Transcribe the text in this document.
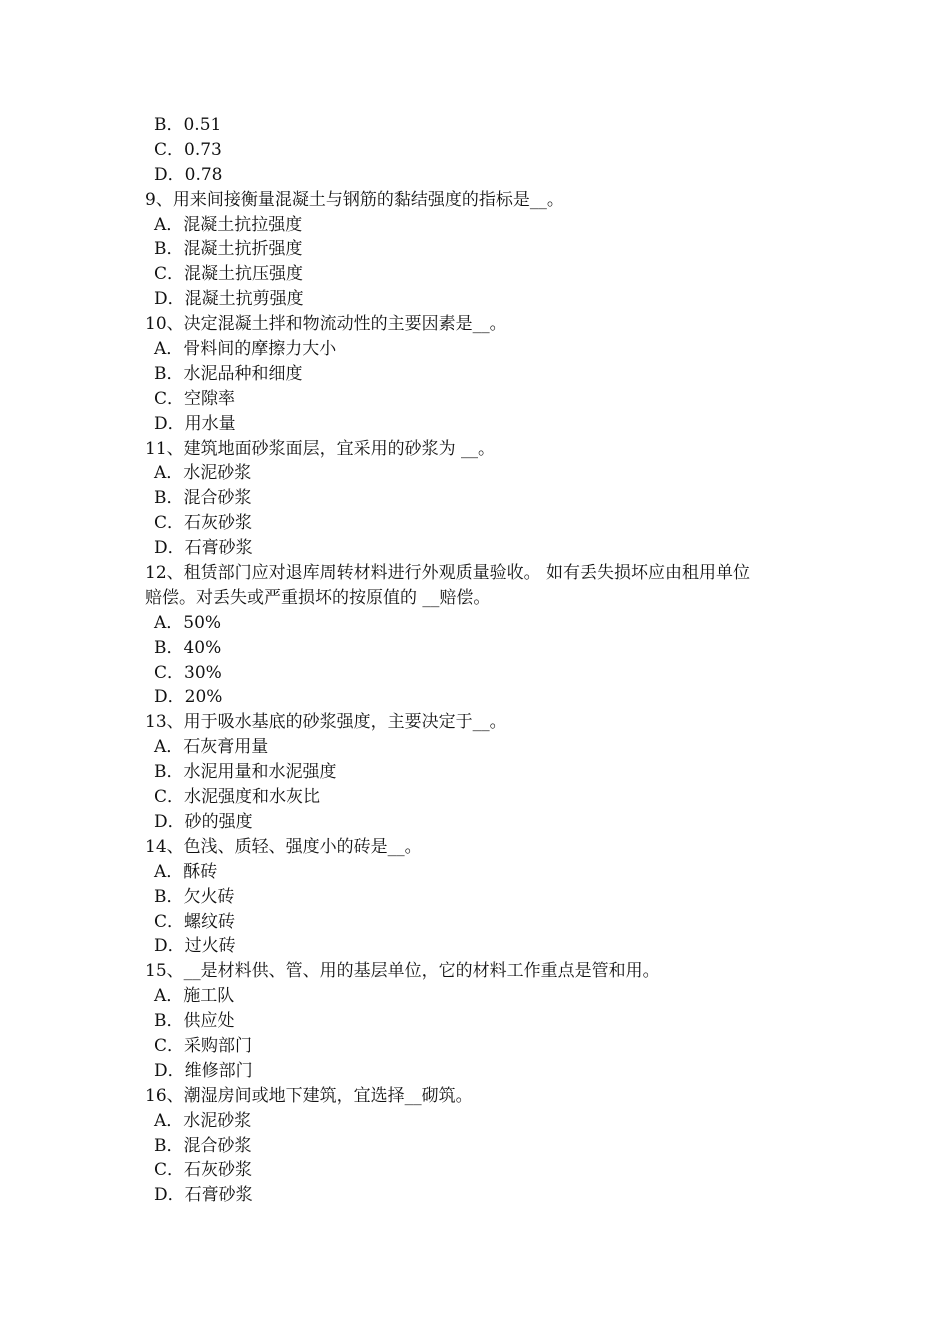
B．0.51
C．0.73
D．0.78
9、用来间接衡量混凝土与钢筋的黏结强度的指标是__。
A．混凝土抗拉强度
B．混凝土抗折强度
C．混凝土抗压强度
D．混凝土抗剪强度
10、决定混凝土拌和物流动性的主要因素是__。
A．骨料间的摩擦力大小
B．水泥品种和细度
C．空隙率
D．用水量
11、建筑地面砂浆面层，宜采用的砂浆为 __。
A．水泥砂浆
B．混合砂浆
C．石灰砂浆
D．石膏砂浆
12、租赁部门应对退库周转材料进行外观质量验收。 如有丢失损坏应由租用单位
赔偿。对丢失或严重损坏的按原值的 __赔偿。
A．50%
B．40%
C．30%
D．20%
13、用于吸水基底的砂浆强度，主要决定于__。
A．石灰膏用量
B．水泥用量和水泥强度
C．水泥强度和水灰比
D．砂的强度
14、色浅、质轻、强度小的砖是__。
A．酥砖
B．欠火砖
C．螺纹砖
D．过火砖
15、__是材料供、管、用的基层单位，它的材料工作重点是管和用。
A．施工队
B．供应处
C．采购部门
D．维修部门
16、潮湿房间或地下建筑，宜选择__砌筑。
A．水泥砂浆
B．混合砂浆
C．石灰砂浆
D．石膏砂浆
